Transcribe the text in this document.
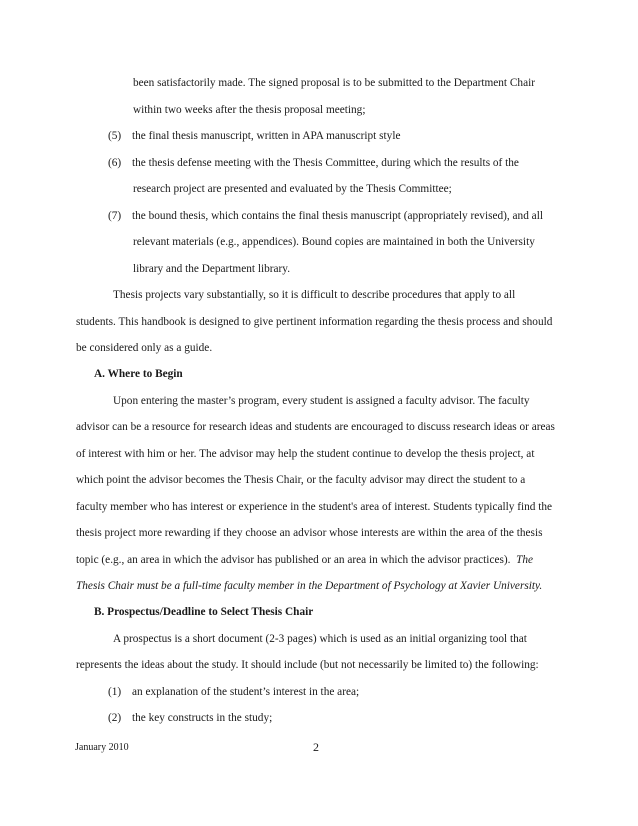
been satisfactorily made. The signed proposal is to be submitted to the Department Chair
within two weeks after the thesis proposal meeting;
(5) the final thesis manuscript, written in APA manuscript style
(6) the thesis defense meeting with the Thesis Committee, during which the results of the
research project are presented and evaluated by the Thesis Committee;
(7) the bound thesis, which contains the final thesis manuscript (appropriately revised), and all
relevant materials (e.g., appendices). Bound copies are maintained in both the University
library and the Department library.
Thesis projects vary substantially, so it is difficult to describe procedures that apply to all
students. This handbook is designed to give pertinent information regarding the thesis process and should
be considered only as a guide.
A. Where to Begin
Upon entering the master’s program, every student is assigned a faculty advisor. The faculty
advisor can be a resource for research ideas and students are encouraged to discuss research ideas or areas
of interest with him or her. The advisor may help the student continue to develop the thesis project, at
which point the advisor becomes the Thesis Chair, or the faculty advisor may direct the student to a
faculty member who has interest or experience in the student's area of interest. Students typically find the
thesis project more rewarding if they choose an advisor whose interests are within the area of the thesis
topic (e.g., an area in which the advisor has published or an area in which the advisor practices). The
Thesis Chair must be a full-time faculty member in the Department of Psychology at Xavier University.
B. Prospectus/Deadline to Select Thesis Chair
A prospectus is a short document (2-3 pages) which is used as an initial organizing tool that
represents the ideas about the study. It should include (but not necessarily be limited to) the following:
(1) an explanation of the student’s interest in the area;
(2) the key constructs in the study;
January 2010	2
